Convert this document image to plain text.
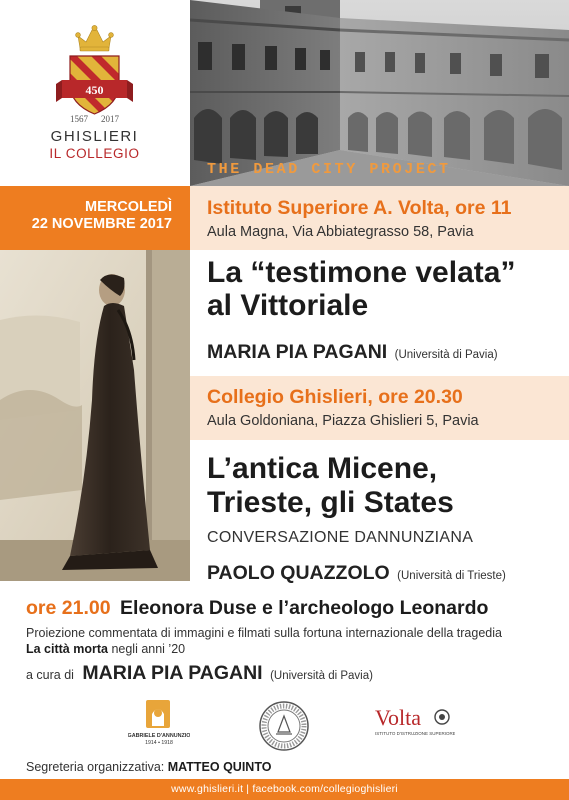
450
1567 2017
GHISLIERI
IL COLLEGIO
THE DEAD CITY PROJECT
MERCOLEDÌ
22 NOVEMBRE 2017
Istituto Superiore A. Volta, ore 11
Aula Magna, Via Abbiategrasso 58, Pavia
La “testimone velata”
al Vittoriale
MARIA PIA PAGANI (Università di Pavia)
Collegio Ghislieri, ore 20.30
Aula Goldoniana, Piazza Ghislieri 5, Pavia
L’antica Micene,
Trieste, gli States
CONVERSAZIONE DANNUNZIANA
PAOLO QUAZZOLO (Università di Trieste)
ore 21.00 Eleonora Duse e l’archeologo Leonardo
Proiezione commentata di immagini e filmati sulla fortuna internazionale della tragedia
La città morta negli anni ’20
a cura di MARIA PIA PAGANI (Università di Pavia)
GABRIELE D'ANNUNZIO
1914 ▪ 1918
Volta
ISTITUTO D'ISTRUZIONE SUPERIORE
Segreteria organizzativa: MATTEO QUINTO
www.ghislieri.it | facebook.com/collegioghislieri
